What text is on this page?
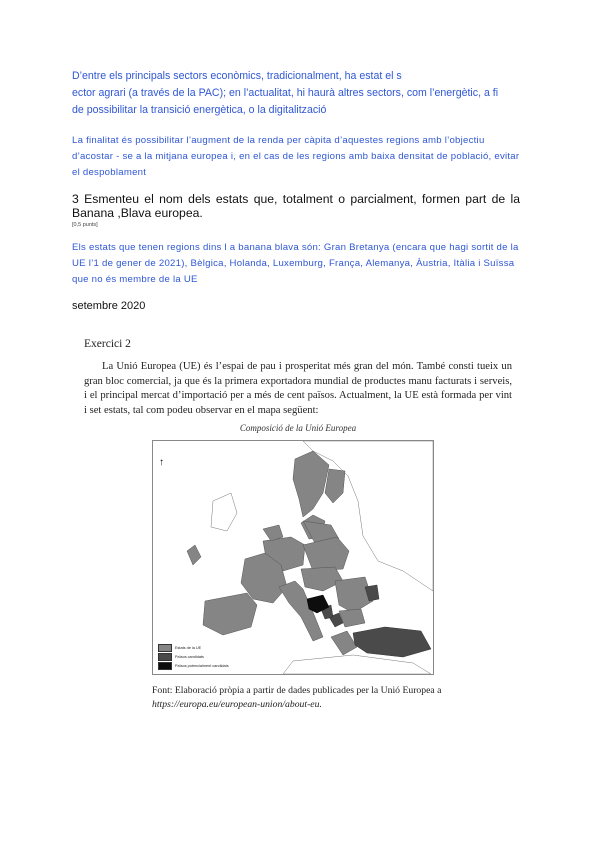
D’entre els principals sectors econòmics, tradicionalment, ha estat el s
ector agrari (a través de la PAC); en l’actualitat, hi haurà altres sectors, com l’energètic, a fi
de possibilitar la transició energètica, o la digitalització
La finalitat és possibilitar l’augment de la renda per càpita d’aquestes regions amb l’objectiu d’acostar - se a la mitjana europea i, en el cas de les regions amb baixa densitat de població, evitar el despoblament
3 Esmenteu el nom dels estats que, totalment o parcialment, formen part de la Banana ,Blava europea.
[0,5 punts]
Els estats que tenen regions dins l a banana blava són: Gran Bretanya (encara que hagi sortit de la UE l’1 de gener de 2021), Bèlgica, Holanda, Luxemburg, França, Alemanya, Àustria, Itàlia i Suïssa que no és membre de la UE
setembre 2020
Exercici 2
La Unió Europea (UE) és l’espai de pau i prosperitat més gran del món. També consti tueix un gran bloc comercial, ja que és la primera exportadora mundial de productes manu facturats i serveis, i el principal mercat d’importació per a més de cent països. Actualment, la UE està formada per vint i set estats, tal com podeu observar en el mapa següent:
Composició de la Unió Europea
↑
Estats de la UE
Països candidats
Països potencialment candidats
Font: Elaboració pròpia a partir de dades publicades per la Unió Europea a https://europa.eu/european-union/about-eu.
